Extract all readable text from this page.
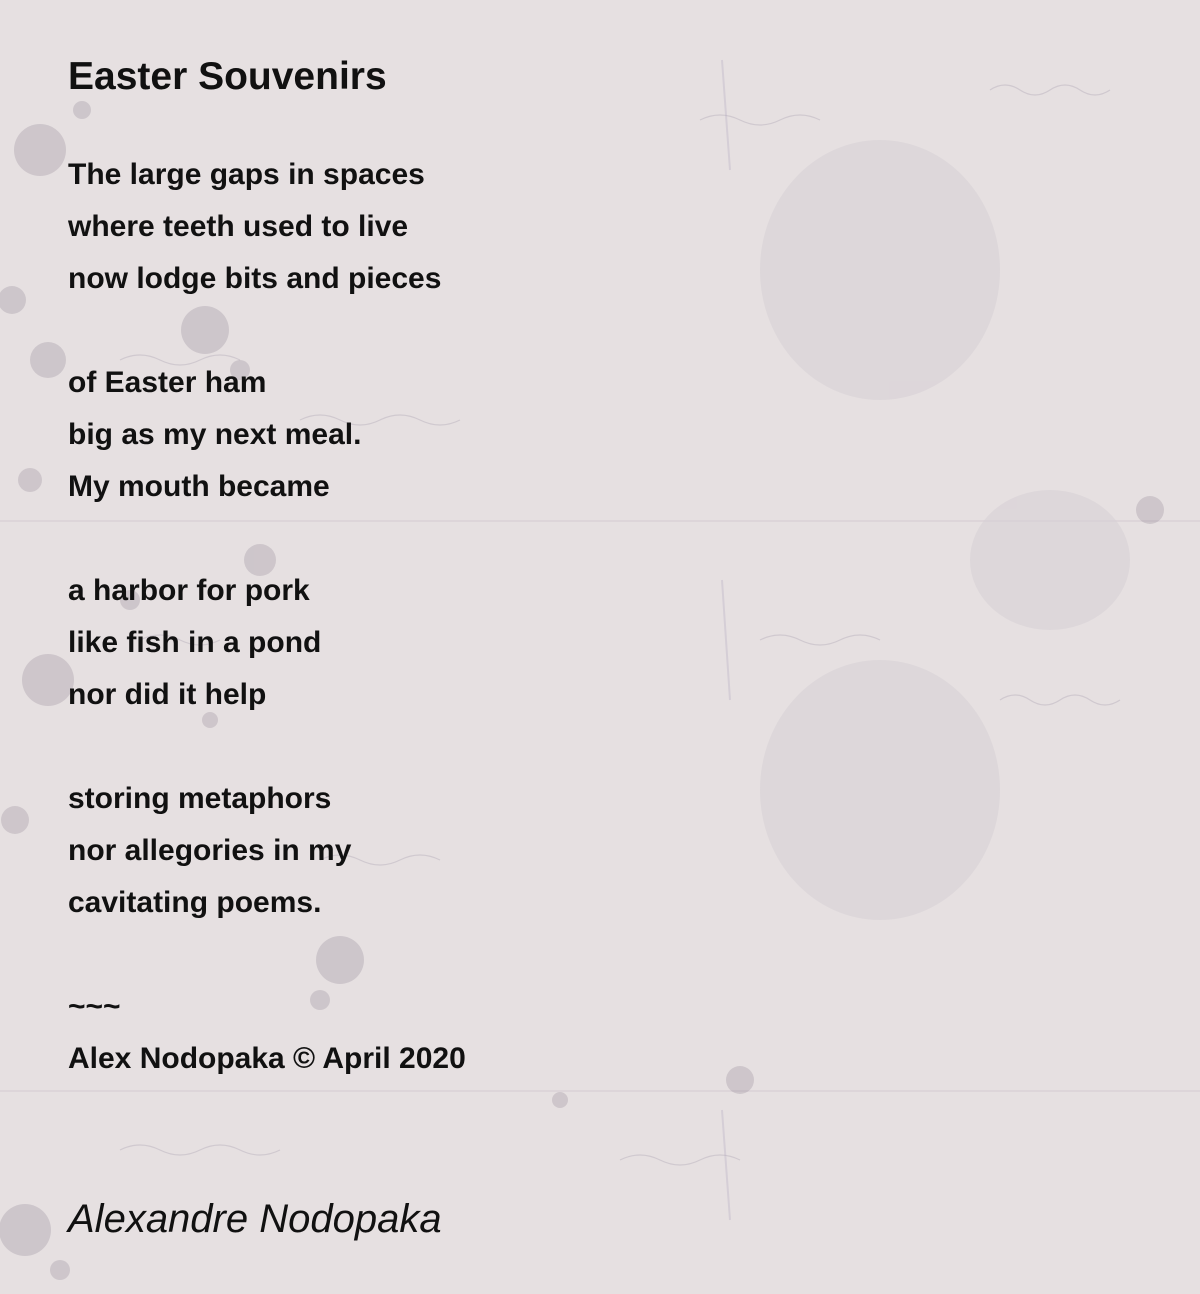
Easter Souvenirs
The large gaps in spaces
where teeth used to live
now lodge bits and pieces
of Easter ham
big as my next meal.
My mouth became
a harbor for pork
like fish in a pond
nor did it help
storing metaphors
nor allegories in my
cavitating poems.
~~~
Alex Nodopaka © April 2020
Alexandre Nodopaka
